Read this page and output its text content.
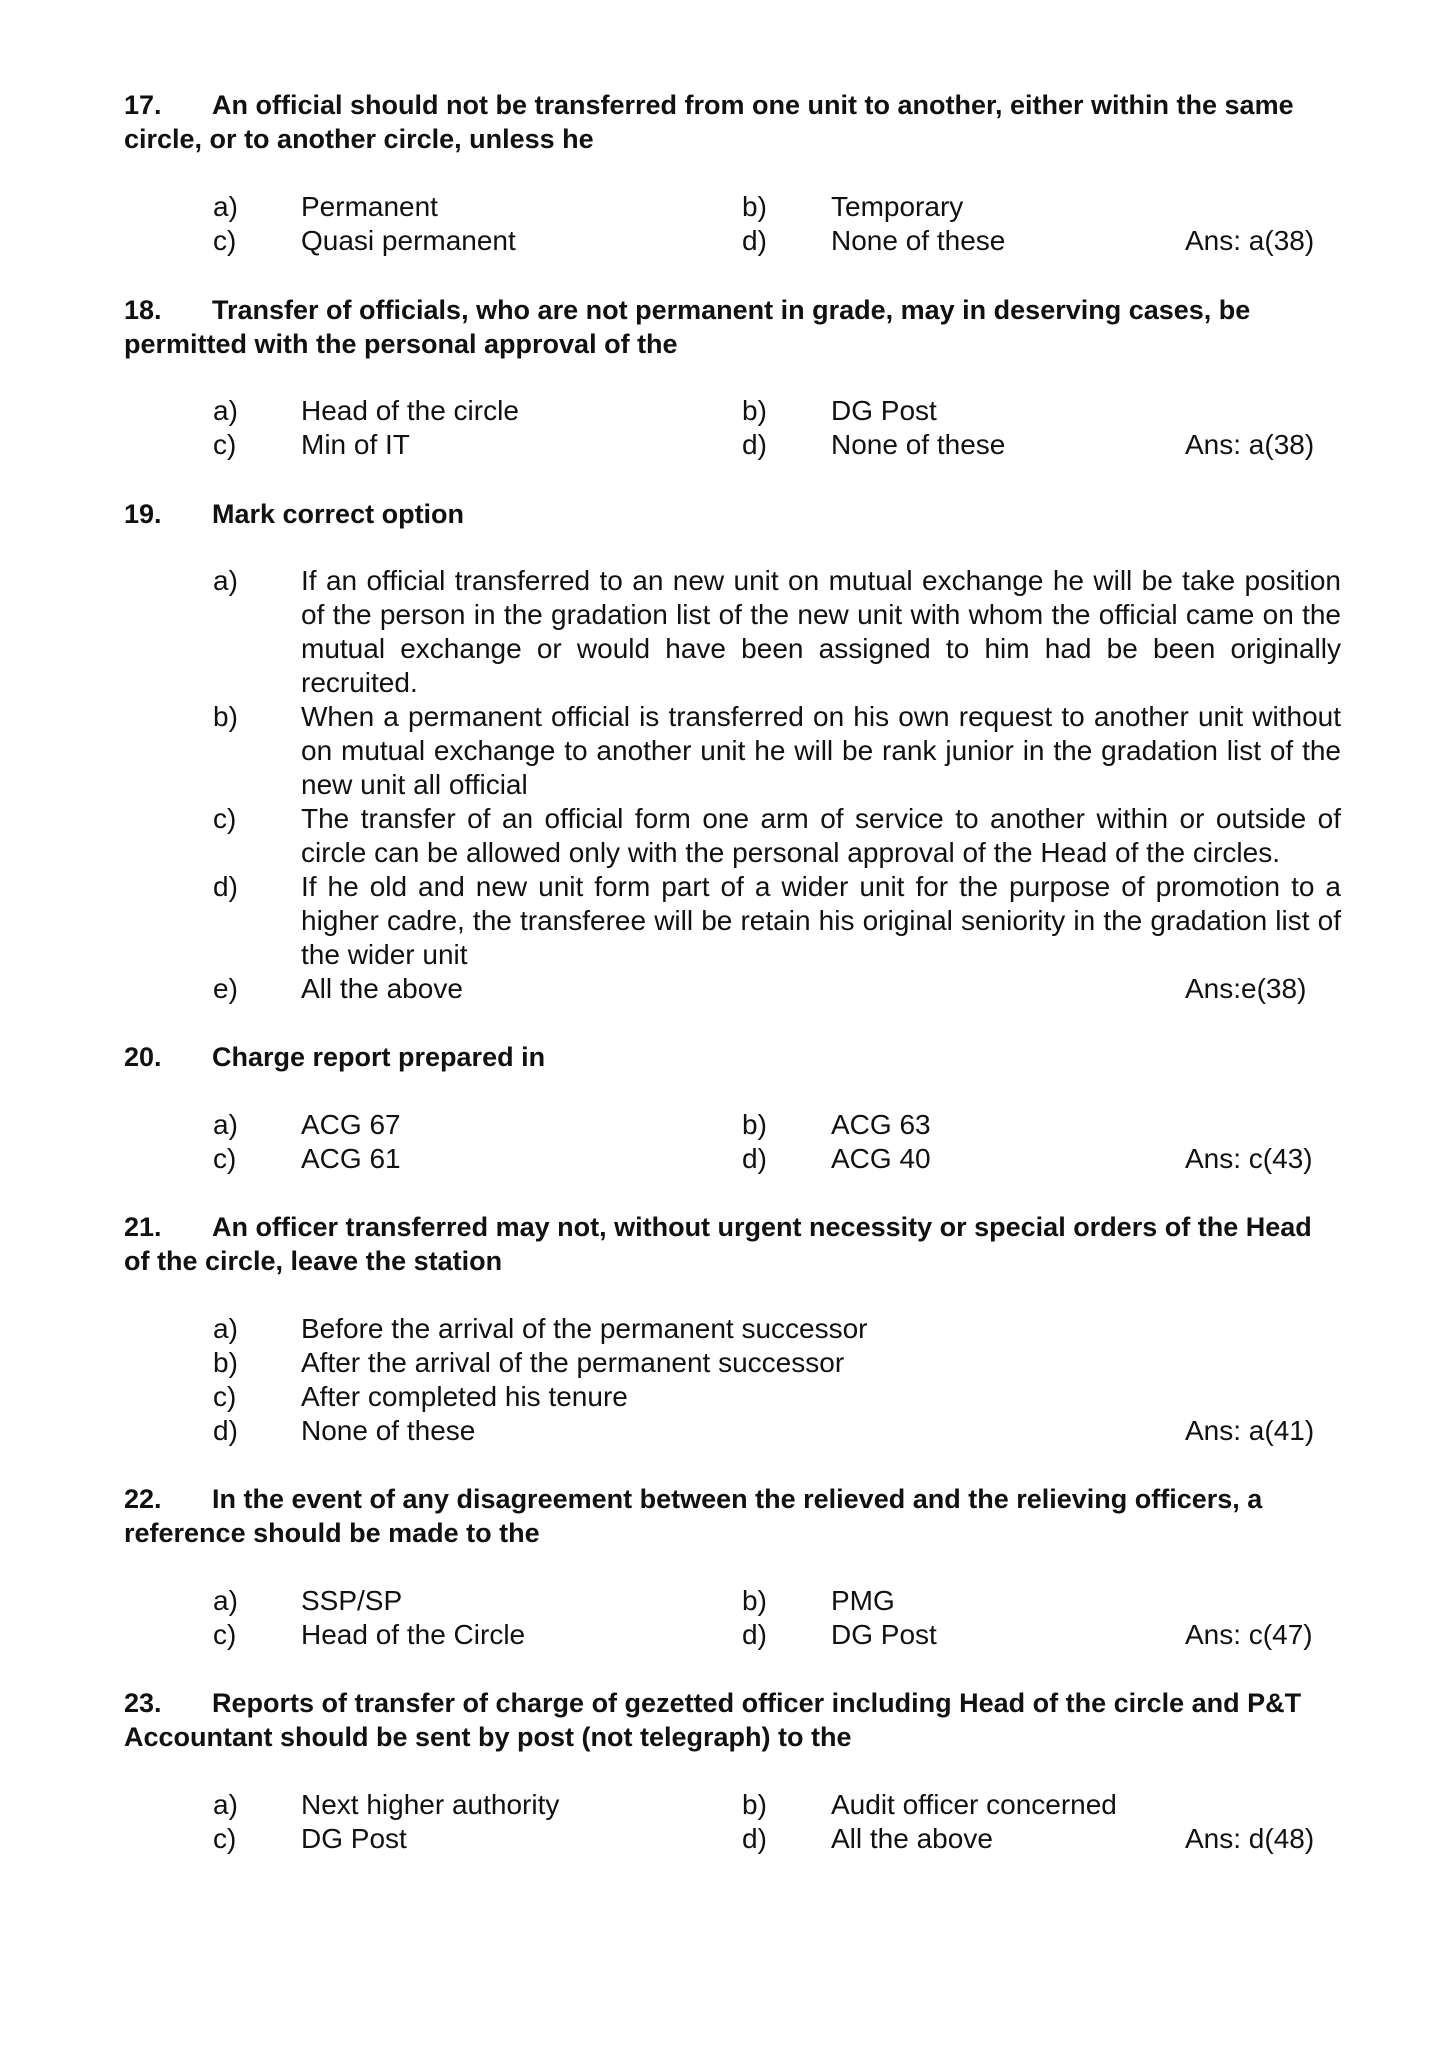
17. An official should not be transferred from one unit to another, either within the same circle, or to another circle, unless he
a) Permanent	b) Temporary
c) Quasi permanent	d) None of these	Ans: a(38)
18. Transfer of officials, who are not permanent in grade, may in deserving cases, be permitted with the personal approval of the
a) Head of the circle	b) DG Post
c) Min of IT	d) None of these	Ans: a(38)
19. Mark correct option
a) If an official transferred to an new unit on mutual exchange he will be take position of the person in the gradation list of the new unit with whom the official came on the mutual exchange or would have been assigned to him had be been originally recruited.
b) When a permanent official is transferred on his own request to another unit without on mutual exchange to another unit he will be rank junior in the gradation list of the new unit all official
c) The transfer of an official form one arm of service to another within or outside of circle can be allowed only with the personal approval of the Head of the circles.
d) If he old and new unit form part of a wider unit for the purpose of promotion to a higher cadre, the transferee will be retain his original seniority in the gradation list of the wider unit
e) All the above	Ans:e(38)
20. Charge report prepared in
a) ACG 67	b) ACG 63
c) ACG 61	d) ACG 40	Ans: c(43)
21. An officer transferred may not, without urgent necessity or special orders of the Head of the circle, leave the station
a) Before the arrival of the permanent successor
b) After the arrival of the permanent successor
c) After completed his tenure
d) None of these	Ans: a(41)
22. In the event of any disagreement between the relieved and the relieving officers, a reference should be made to the
a) SSP/SP	b) PMG
c) Head of the Circle	d) DG Post	Ans: c(47)
23. Reports of transfer of charge of gezetted officer including Head of the circle and P&T Accountant should be sent by post (not telegraph) to the
a) Next higher authority	b) Audit officer concerned
c) DG Post	d) All the above	Ans: d(48)
